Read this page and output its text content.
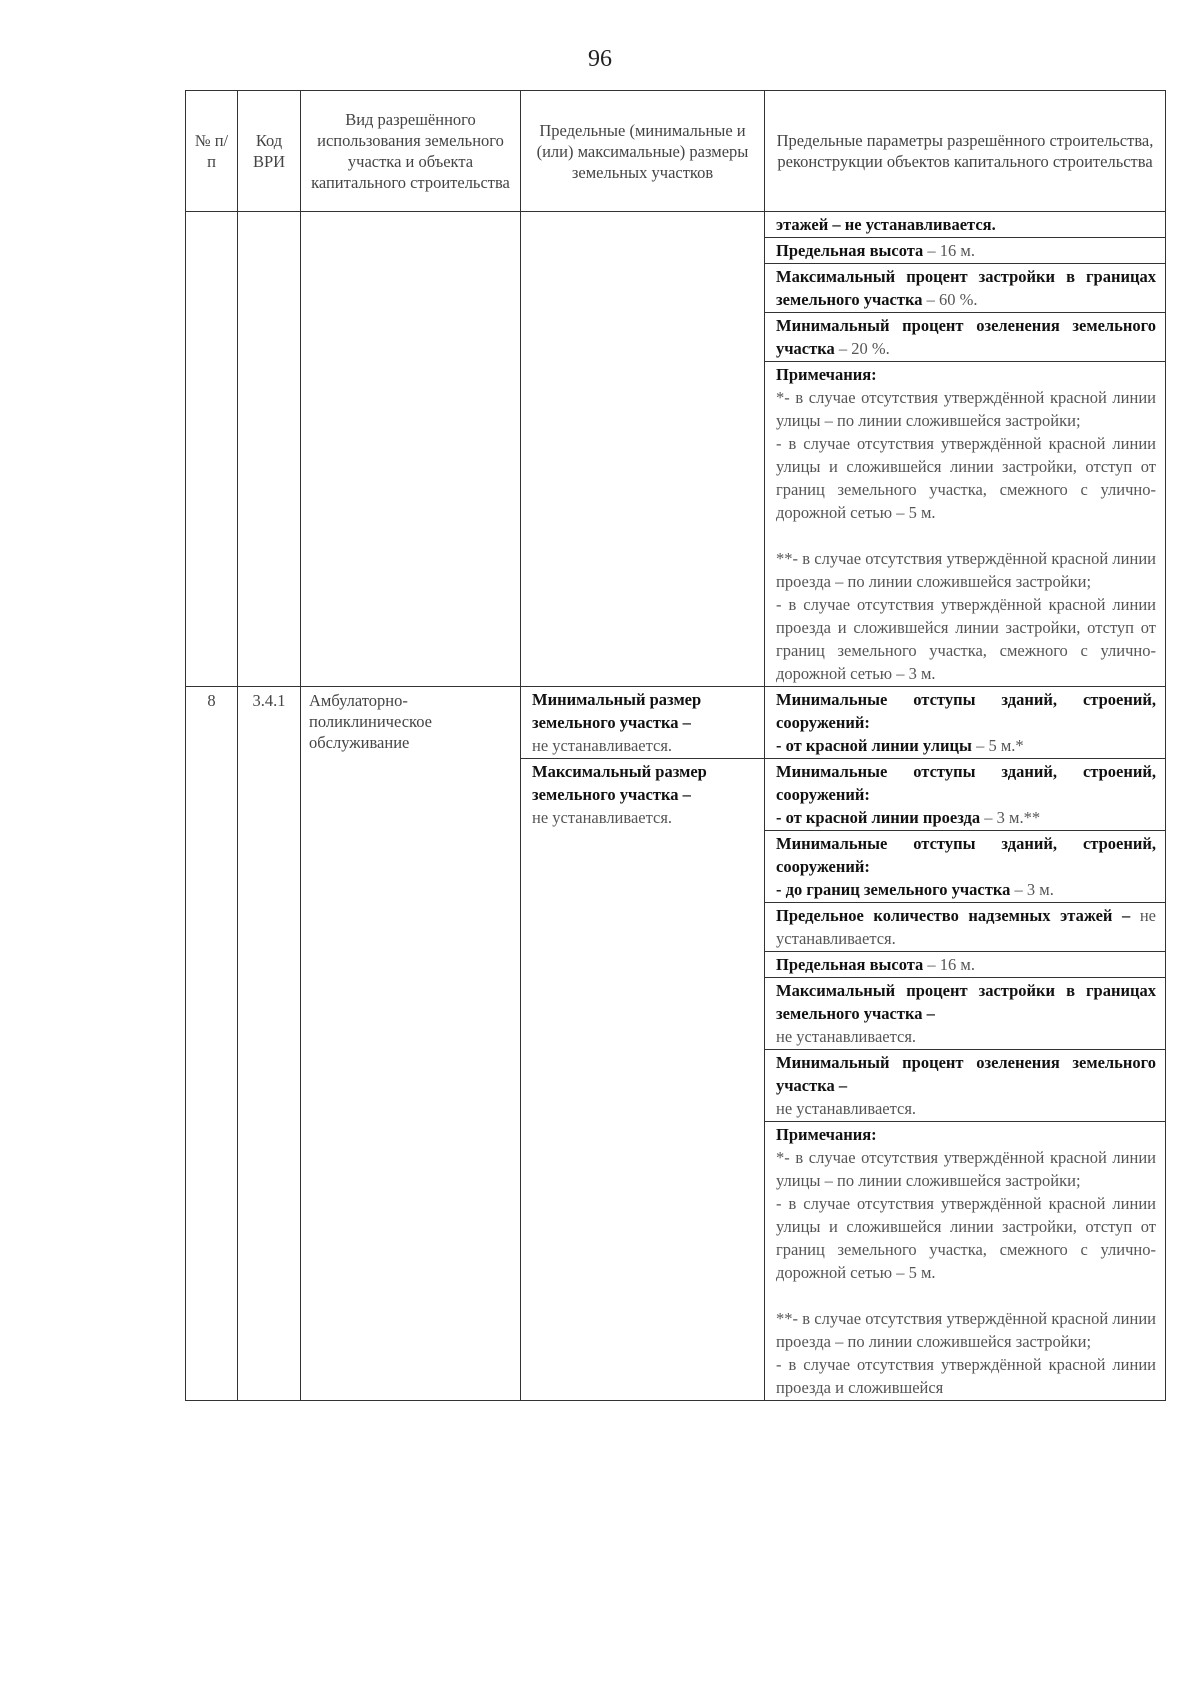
96
№ п/п
Код ВРИ
Вид разрешённого использования земельного участка и объекта капитального строительства
Предельные (минимальные и (или) максимальные) размеры земельных участков
Предельные параметры разрешённого строительства, реконструкции объектов капитального строительства
этажей – не устанавливается.
Предельная высота – 16 м.
Максимальный процент застройки в границах земельного участка – 60 %.
Минимальный процент озеленения земельного участка – 20 %.
Примечания:
*- в случае отсутствия утверждённой красной линии улицы – по линии сложившейся застройки;
- в случае отсутствия утверждённой красной линии улицы и сложившейся линии застройки, отступ от границ земельного участка, смежного с улично-дорожной сетью – 5 м.
**- в случае отсутствия утверждённой красной линии проезда – по линии сложившейся застройки;
- в случае отсутствия утверждённой красной линии проезда и сложившейся линии застройки, отступ от границ земельного участка, смежного с улично-дорожной сетью – 3 м.
8	3.4.1	Амбулаторно-поликлиническое обслуживание
Минимальный размер земельного участка –
не устанавливается.
Максимальный размер земельного участка –
не устанавливается.
Минимальные отступы зданий, строений, сооружений:
- от красной линии улицы – 5 м.*
Минимальные отступы зданий, строений, сооружений:
- от красной линии проезда – 3 м.**
Минимальные отступы зданий, строений, сооружений:
- до границ земельного участка – 3 м.
Предельное количество надземных этажей – не устанавливается.
Предельная высота – 16 м.
Максимальный процент застройки в границах земельного участка –
не устанавливается.
Минимальный процент озеленения земельного участка –
не устанавливается.
Примечания:
*- в случае отсутствия утверждённой красной линии улицы – по линии сложившейся застройки;
- в случае отсутствия утверждённой красной линии улицы и сложившейся линии застройки, отступ от границ земельного участка, смежного с улично-дорожной сетью – 5 м.
**- в случае отсутствия утверждённой красной линии проезда – по линии сложившейся застройки;
- в случае отсутствия утверждённой красной линии проезда и сложившейся
